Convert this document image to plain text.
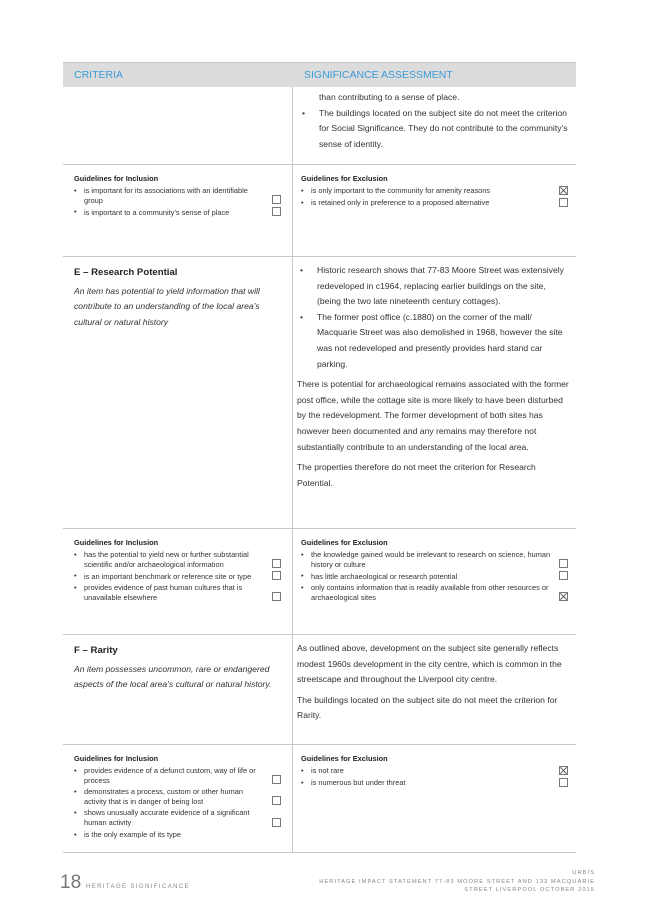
CRITERIA	SIGNIFICANCE ASSESSMENT
than contributing to a sense of place.
• The buildings located on the subject site do not meet the criterion for Social Significance. They do not contribute to the community’s sense of identity.
Guidelines for Inclusion
• is important for its associations with an identifiable group
• is important to a community’s sense of place
Guidelines for Exclusion
• is only important to the community for amenity reasons
• is retained only in preference to a proposed alternative
E – Research Potential
An item has potential to yield information that will contribute to an understanding of the local area’s cultural or natural history
• Historic research shows that 77-83 Moore Street was extensively redeveloped in c1964, replacing earlier buildings on the site, (being the two late nineteenth century cottages).
• The former post office (c.1880) on the corner of the mall/ Macquarie Street was also demolished in 1968, however the site was not redeveloped and presently provides hard stand car parking.

There is potential for archaeological remains associated with the former post office, while the cottage site is more likely to have been disturbed by the redevelopment. The former development of both sites has however been documented and any remains may therefore not substantially contribute to an understanding of the local area.

The properties therefore do not meet the criterion for Research Potential.

Guidelines for Inclusion
• has the potential to yield new or further substantial scientific and/or archaeological information
• is an important benchmark or reference site or type
• provides evidence of past human cultures that is unavailable elsewhere
Guidelines for Exclusion
• the knowledge gained would be irrelevant to research on science, human history or culture
• has little archaeological or research potential
• only contains information that is readily available from other resources or archaeological sites
F – Rarity
An item possesses uncommon, rare or endangered aspects of the local area’s cultural or natural history.

As outlined above, development on the subject site generally reflects modest 1960s development in the city centre, which is common in the streetscape and throughout the Liverpool city centre.

The buildings located on the subject site do not meet the criterion for Rarity.

Guidelines for Inclusion
• provides evidence of a defunct custom, way of life or process
• demonstrates a process, custom or other human activity that is in danger of being lost
• shows unusually accurate evidence of a significant human activity
• is the only example of its type
Guidelines for Exclusion
• is not rare
• is numerous but under threat
18 HERITAGE SIGNIFICANCE
URBIS
HERITAGE IMPACT STATEMENT 77-83 MOORE STREET AND 133 MACQUARIE
STREET LIVERPOOL OCTOBER 2015
